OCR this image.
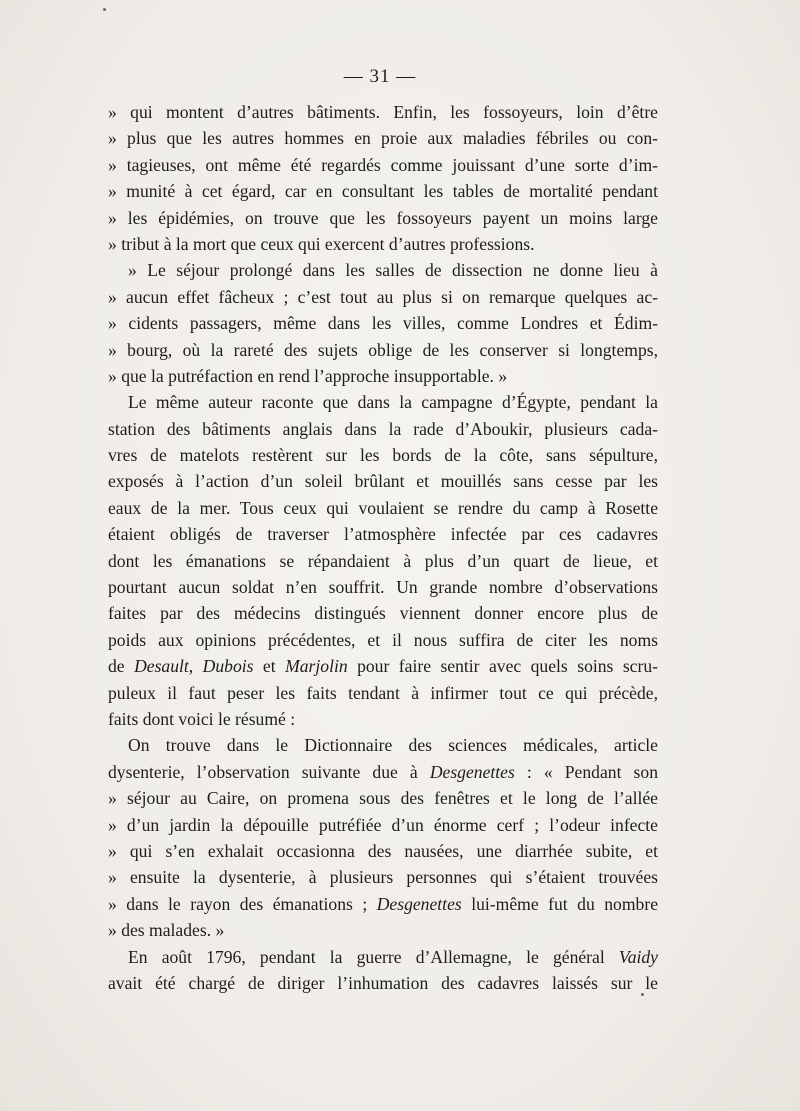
— 31 —
» qui montent d’autres bâtiments. Enfin, les fossoyeurs, loin d’être
» plus que les autres hommes en proie aux maladies fébriles ou con-
» tagieuses, ont même été regardés comme jouissant d’une sorte d’im-
» munité à cet égard, car en consultant les tables de mortalité pendant
» les épidémies, on trouve que les fossoyeurs payent un moins large
» tribut à la mort que ceux qui exercent d’autres professions.
» Le séjour prolongé dans les salles de dissection ne donne lieu à
» aucun effet fâcheux ; c’est tout au plus si on remarque quelques ac-
» cidents passagers, même dans les villes, comme Londres et Édim-
» bourg, où la rareté des sujets oblige de les conserver si longtemps,
» que la putréfaction en rend l’approche insupportable. »
Le même auteur raconte que dans la campagne d’Égypte, pendant la
station des bâtiments anglais dans la rade d’Aboukir, plusieurs cada-
vres de matelots restèrent sur les bords de la côte, sans sépulture,
exposés à l’action d’un soleil brûlant et mouillés sans cesse par les
eaux de la mer. Tous ceux qui voulaient se rendre du camp à Rosette
étaient obligés de traverser l’atmosphère infectée par ces cadavres
dont les émanations se répandaient à plus d’un quart de lieue, et
pourtant aucun soldat n’en souffrit. Un grande nombre d’observations
faites par des médecins distingués viennent donner encore plus de
poids aux opinions précédentes, et il nous suffira de citer les noms
de Desault, Dubois et Marjolin pour faire sentir avec quels soins scru-
puleux il faut peser les faits tendant à infirmer tout ce qui précède,
faits dont voici le résumé :
On trouve dans le Dictionnaire des sciences médicales, article
dysenterie, l’observation suivante due à Desgenettes : « Pendant son
» séjour au Caire, on promena sous des fenêtres et le long de l’allée
» d’un jardin la dépouille putréfiée d’un énorme cerf ; l’odeur infecte
» qui s’en exhalait occasionna des nausées, une diarrhée subite, et
» ensuite la dysenterie, à plusieurs personnes qui s’étaient trouvées
» dans le rayon des émanations ; Desgenettes lui-même fut du nombre
» des malades. »
En août 1796, pendant la guerre d’Allemagne, le général Vaidy
avait été chargé de diriger l’inhumation des cadavres laissés sur le
